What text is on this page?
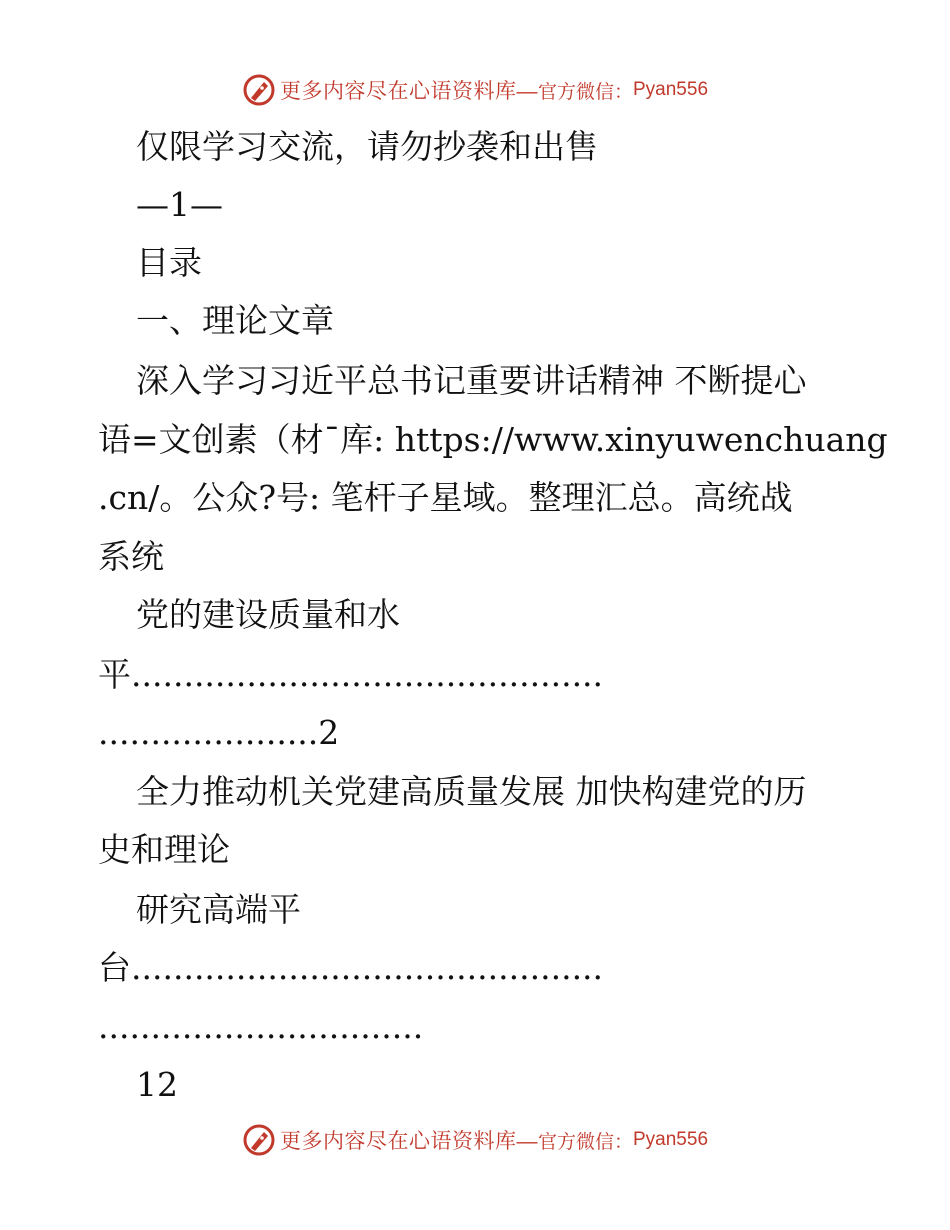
更多内容尽在心语资料库— 官方微信： Pyan556
仅限学习交流，请勿抄袭和出售
—1—
目录
一、理论文章
深入学习习近平总书记重要讲话精神 不断提心
语=文创素（材¯库: https://www.xinyuwenchuang
.cn/。公众?号: 笔杆子星域。整理汇总。高统战
系统
党的建设质量和水
平.............................................
.....................2
全力推动机关党建高质量发展 加快构建党的历
史和理论
研究高端平
台.............................................
...............................
12
更多内容尽在心语资料库— 官方微信： Pyan556
